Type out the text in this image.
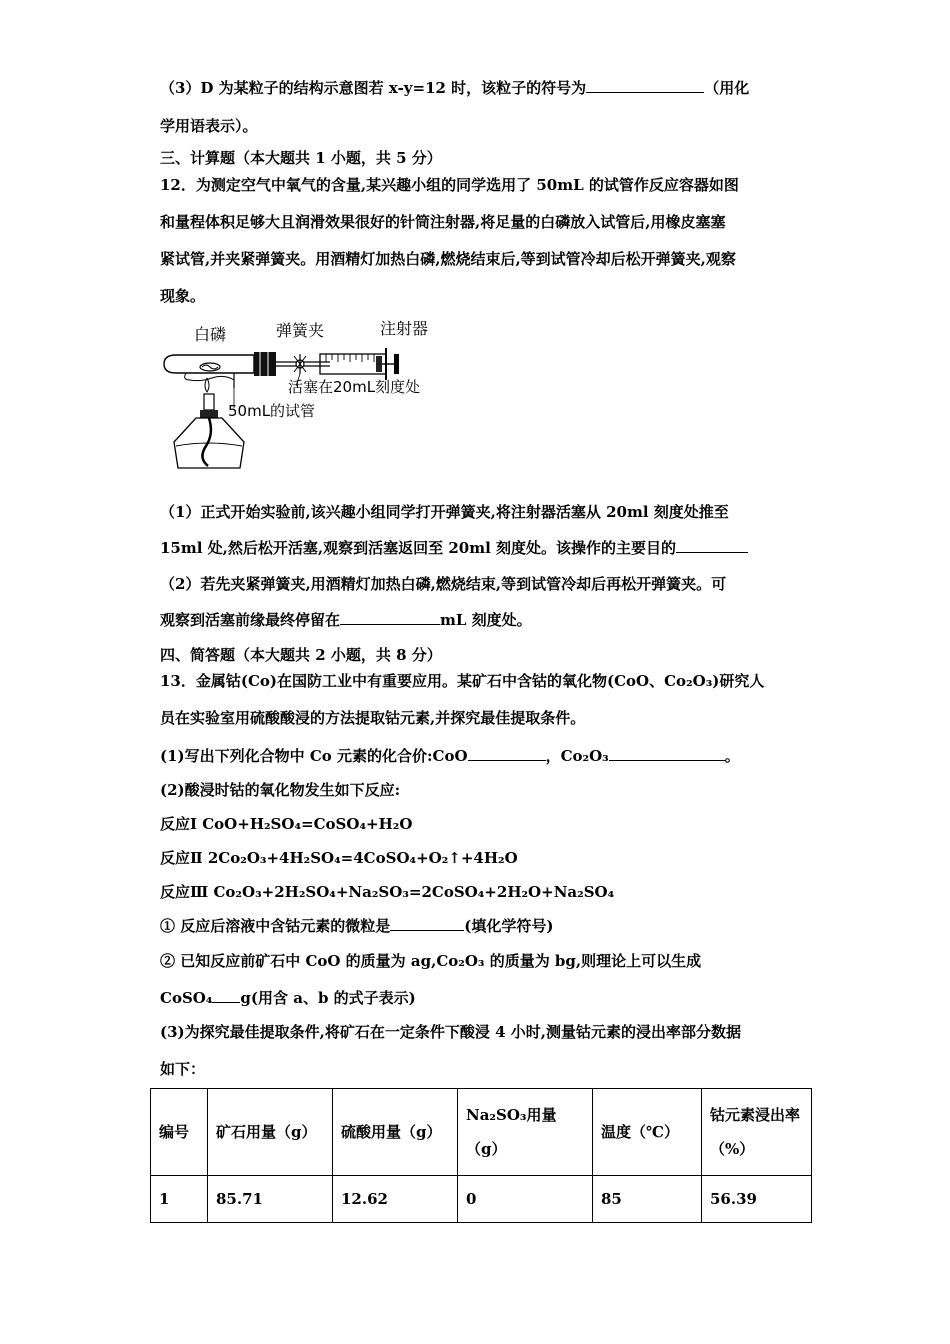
（3）D 为某粒子的结构示意图若 x-y=12 时，该粒子的符号为	（用化
学用语表示）。
三、计算题（本大题共 1 小题，共 5 分）
12．为测定空气中氧气的含量,某兴趣小组的同学选用了 50mL 的试管作反应容器如图
和量程体积足够大且润滑效果很好的针筒注射器,将足量的白磷放入试管后,用橡皮塞塞
紧试管,并夹紧弹簧夹。用酒精灯加热白磷,燃烧结束后,等到试管冷却后松开弹簧夹,观察
现象。
白磷	弹簧夹	注射器
活塞在20mL刻度处
50mL的试管
（1）正式开始实验前,该兴趣小组同学打开弹簧夹,将注射器活塞从 20ml 刻度处推至
15ml 处,然后松开活塞,观察到活塞返回至 20ml 刻度处。该操作的主要目的
（2）若先夹紧弹簧夹,用酒精灯加热白磷,燃烧结束,等到试管冷却后再松开弹簧夹。可
观察到活塞前缘最终停留在	mL 刻度处。
四、简答题（本大题共 2 小题，共 8 分）
13．金属钴(Co)在国防工业中有重要应用。某矿石中含钴的氧化物(CoO、Co₂O₃)研究人
员在实验室用硫酸酸浸的方法提取钴元素,并探究最佳提取条件。
(1)写出下列化合物中 Co 元素的化合价:CoO	，Co₂O₃	。
(2)酸浸时钴的氧化物发生如下反应:
反应Ⅰ CoO+H₂SO₄=CoSO₄+H₂O
反应Ⅱ 2Co₂O₃+4H₂SO₄=4CoSO₄+O₂↑+4H₂O
反应Ⅲ Co₂O₃+2H₂SO₄+Na₂SO₃=2CoSO₄+2H₂O+Na₂SO₄
① 反应后溶液中含钴元素的微粒是	(填化学符号)
② 已知反应前矿石中 CoO 的质量为 ag,Co₂O₃ 的质量为 bg,则理论上可以生成
CoSO₄ g(用含 a、b 的式子表示)
(3)为探究最佳提取条件,将矿石在一定条件下酸浸 4 小时,测量钴元素的浸出率部分数据
如下：
编号	矿石用量（g）	硫酸用量（g）	Na₂SO₃用量（g）	温度（℃）	钴元素浸出率（%）
1	85.71	12.62	0	85	56.39
